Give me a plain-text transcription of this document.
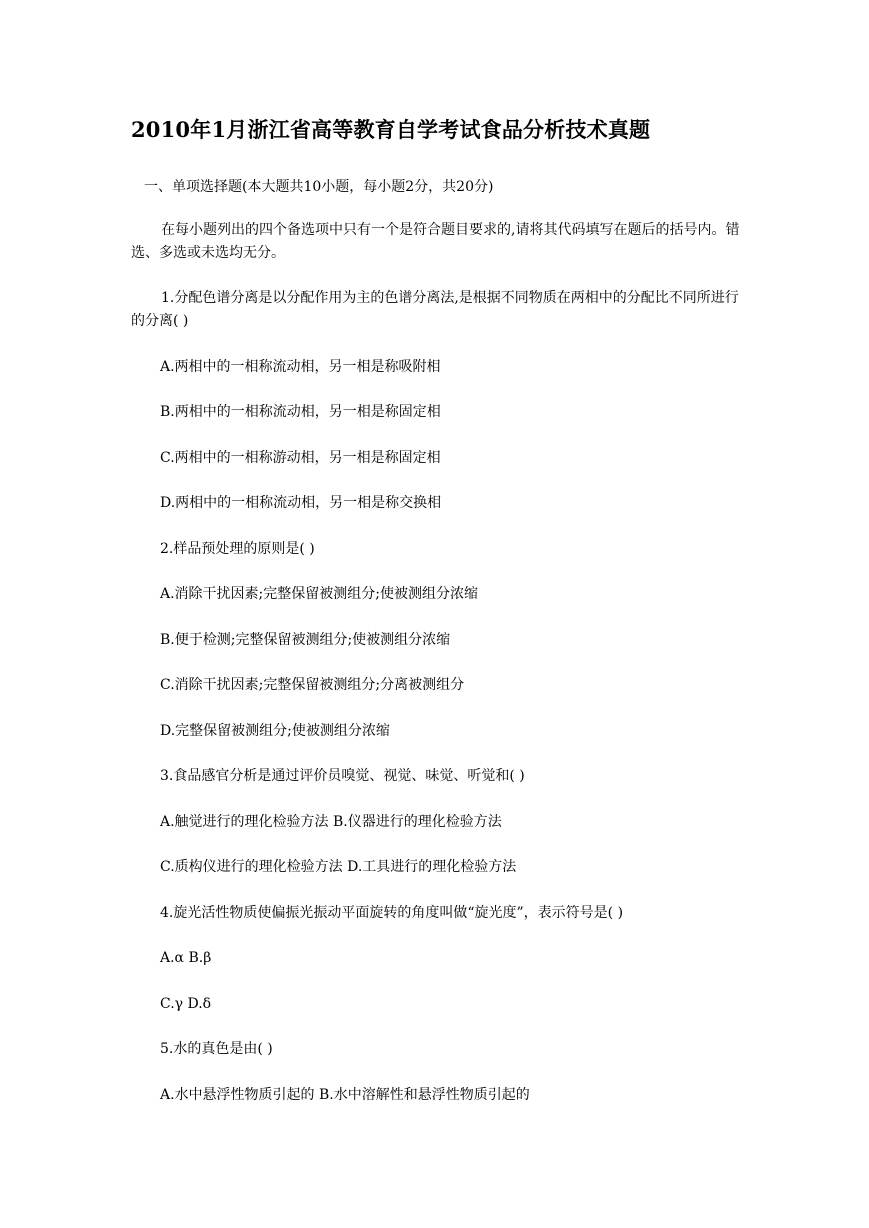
2010年1月浙江省高等教育自学考试食品分析技术真题
一、单项选择题(本大题共10小题，每小题2分，共20分)
在每小题列出的四个备选项中只有一个是符合题目要求的,请将其代码填写在题后的括号内。错选、多选或未选均无分。
1.分配色谱分离是以分配作用为主的色谱分离法,是根据不同物质在两相中的分配比不同所进行的分离( )
A.两相中的一相称流动相，另一相是称吸附相
B.两相中的一相称流动相，另一相是称固定相
C.两相中的一相称游动相，另一相是称固定相
D.两相中的一相称流动相，另一相是称交换相
2.样品预处理的原则是( )
A.消除干扰因素;完整保留被测组分;使被测组分浓缩
B.便于检测;完整保留被测组分;使被测组分浓缩
C.消除干扰因素;完整保留被测组分;分离被测组分
D.完整保留被测组分;使被测组分浓缩
3.食品感官分析是通过评价员嗅觉、视觉、味觉、听觉和( )
A.触觉进行的理化检验方法 B.仪器进行的理化检验方法
C.质构仪进行的理化检验方法 D.工具进行的理化检验方法
4.旋光活性物质使偏振光振动平面旋转的角度叫做“旋光度”，表示符号是( )
A.α B.β
C.γ D.δ
5.水的真色是由( )
A.水中悬浮性物质引起的 B.水中溶解性和悬浮性物质引起的
